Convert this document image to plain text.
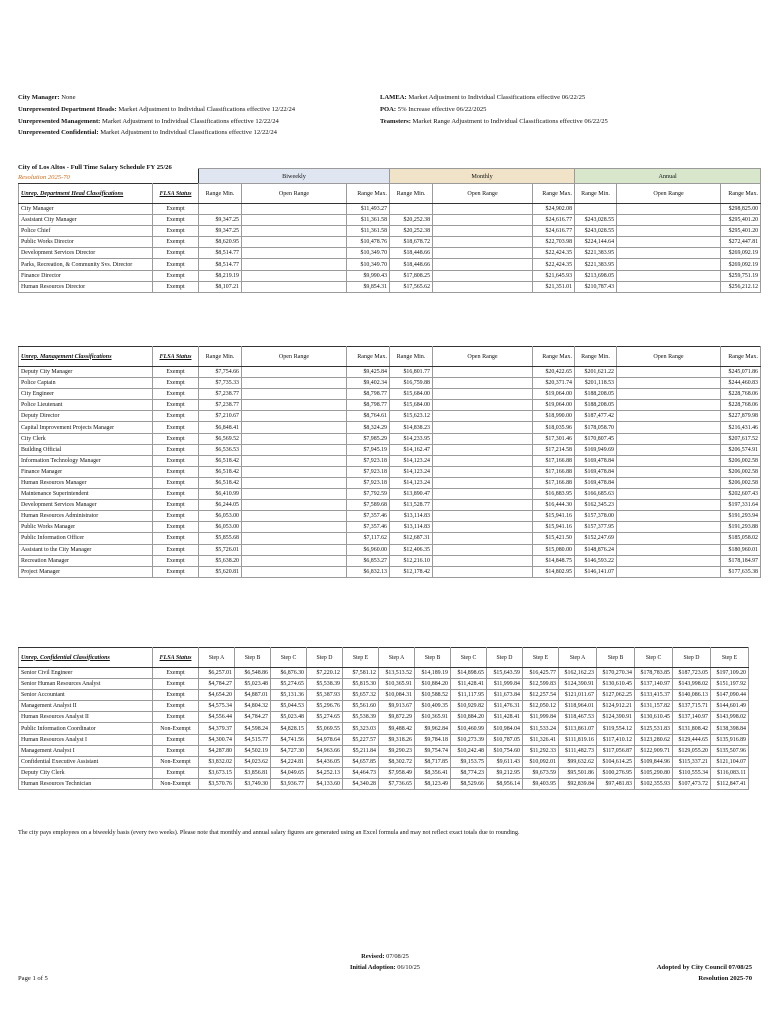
City Manager: None
Unrepresented Department Heads: Market Adjustment to Individual Classifications effective 12/22/24
Unrepresented Management: Market Adjustment to Individual Classifications effective 12/22/24
Unrepresented Confidential: Market Adjustment to Individual Classifications effective 12/22/24
LAMEA: Market Adjustment to Individual Classifications effective 06/22/25
POA: 5% Increase effective 06/22/2025
Teamsters: Market Range Adjustment to Individual Classifications effective 06/22/25
		Biweekly			Monthly			Annual		
Unrep. Department Head Classifications	FLSA Status	Range Min.	Open Range	Range Max.	Range Min.	Open Range	Range Max.	Range Min.	Open Range	Range Max.
City Manager	Exempt			$11,493.27			$24,902.08			$298,825.00
Assistant City Manager	Exempt	$9,347.25		$11,361.58	$20,252.38		$24,616.77	$243,028.55		$295,401.20
Police Chief	Exempt	$9,347.25		$11,361.58	$20,252.38		$24,616.77	$243,028.55		$295,401.20
Public Works Director	Exempt	$8,620.95		$10,478.76	$18,678.72		$22,703.98	$224,144.64		$272,447.81
Development Services Director	Exempt	$8,514.77		$10,349.70	$18,448.66		$22,424.35	$221,383.95		$269,092.19
Parks, Recreation, & Community Svs. Director	Exempt	$8,514.77		$10,349.70	$18,448.66		$22,424.35	$221,383.95		$269,092.19
Finance Director	Exempt	$8,219.19		$9,990.43	$17,808.25		$21,645.93	$213,698.05		$259,751.19
Human Resources Director	Exempt	$8,107.21		$9,854.31	$17,565.62		$21,351.01	$210,787.43		$256,212.12
City of Los Altos - Full Time Salary Schedule FY 25/26
Resolution 2025-70
Unrep. Management Classifications	FLSA Status	Range Min.	Open Range	Range Max.	Range Min.	Open Range	Range Max.	Range Min.	Open Range	Range Max.
Deputy City Manager	Exempt	$7,754.66		$9,425.84	$16,801.77		$20,422.65	$201,621.22		$245,071.86
Police Captain	Exempt	$7,735.33		$9,402.34	$16,759.88		$20,371.74	$201,118.53		$244,460.83
City Engineer	Exempt	$7,238.77		$8,798.77	$15,684.00		$19,064.00	$188,208.05		$228,768.06
Police Lieutenant	Exempt	$7,238.77		$8,798.77	$15,684.00		$19,064.00	$188,208.05		$228,768.06
Deputy Director	Exempt	$7,210.67		$8,764.61	$15,623.12		$18,990.00	$187,477.42		$227,879.98
Capital Improvement Projects Manager	Exempt	$6,848.41		$8,324.29	$14,838.23		$18,035.96	$178,058.70		$216,431.46
City Clerk	Exempt	$6,569.52		$7,985.29	$14,233.95		$17,301.46	$170,807.45		$207,617.52
Building Official	Exempt	$6,536.53		$7,945.19	$14,162.47		$17,214.58	$169,949.69		$206,574.91
Information Technology Manager	Exempt	$6,518.42		$7,923.18	$14,123.24		$17,166.88	$169,478.84		$206,002.58
Finance Manager	Exempt	$6,518.42		$7,923.18	$14,123.24		$17,166.88	$169,478.84		$206,002.58
Human Resources Manager	Exempt	$6,518.42		$7,923.18	$14,123.24		$17,166.88	$169,478.84		$206,002.58
Maintenance Superintendent	Exempt	$6,410.99		$7,792.59	$13,890.47		$16,883.95	$166,685.63		$202,607.43
Development Services Manager	Exempt	$6,244.05		$7,589.68	$13,528.77		$16,444.30	$162,345.23		$197,331.64
Human Resources Administrator	Exempt	$6,053.00		$7,357.46	$13,114.83		$15,941.16	$157,378.00		$191,293.94
Public Works Manager	Exempt	$6,053.00		$7,357.46	$13,114.83		$15,941.16	$157,377.95		$191,293.88
Public Information Officer	Exempt	$5,855.68		$7,117.62	$12,687.31		$15,421.50	$152,247.69		$185,058.02
Assistant to the City Manager	Exempt	$5,726.01		$6,960.00	$12,406.35		$15,080.00	$148,876.24		$180,960.01
Recreation Manager	Exempt	$5,638.20		$6,853.27	$12,216.10		$14,848.75	$146,593.22		$178,184.97
Project Manager	Exempt	$5,620.81		$6,832.13	$12,178.42		$14,802.95	$146,141.07		$177,635.38
Unrep. Confidential Classifications	FLSA Status	Step A	Step B	Step C	Step D	Step E	Step A	Step B	Step C	Step D	Step E	Step A	Step B	Step C	Step D	Step E
Senior Civil Engineer	Exempt	$6,257.01	$6,548.86	$6,876.30	$7,220.12	$7,581.12	$13,513.52	$14,189.19	$14,898.65	$15,643.59	$16,425.77	$162,162.23	$170,270.34	$178,783.85	$187,723.05	$197,109.20
Senior Human Resources Analyst	Exempt	$4,784.27	$5,023.48	$5,274.65	$5,538.39	$5,815.30	$10,365.91	$10,884.20	$11,428.41	$11,999.84	$12,599.83	$124,390.91	$130,610.45	$137,140.97	$143,998.02	$151,197.92
Senior Accountant	Exempt	$4,654.20	$4,887.01	$5,131.36	$5,387.93	$5,657.32	$10,084.31	$10,588.52	$11,117.95	$11,673.84	$12,257.54	$121,011.67	$127,062.25	$133,415.37	$140,086.13	$147,090.44
Management Analyst II	Exempt	$4,575.34	$4,804.32	$5,044.53	$5,296.76	$5,561.60	$9,913.67	$10,409.35	$10,929.82	$11,476.31	$12,050.12	$118,964.01	$124,912.21	$131,157.82	$137,715.71	$144,601.49
Human Resources Analyst II	Exempt	$4,556.44	$4,784.27	$5,023.48	$5,274.65	$5,538.39	$9,872.29	$10,365.91	$10,884.20	$11,428.41	$11,999.84	$118,467.53	$124,390.91	$130,610.45	$137,140.97	$143,998.02
Public Information Coordinator	Non-Exempt	$4,379.37	$4,598.24	$4,828.15	$5,069.55	$5,323.03	$9,488.42	$9,962.84	$10,460.99	$10,984.04	$11,533.24	$113,861.07	$119,554.12	$125,531.83	$131,808.42	$138,398.84
Human Resources Analyst I	Exempt	$4,300.74	$4,515.77	$4,741.56	$4,978.64	$5,227.57	$9,318.26	$9,784.18	$10,273.39	$10,787.05	$11,326.41	$111,819.16	$117,410.12	$123,280.62	$129,444.65	$135,916.89
Management Analyst I	Exempt	$4,287.80	$4,502.19	$4,727.30	$4,963.66	$5,211.84	$9,290.23	$9,754.74	$10,242.48	$10,754.60	$11,292.33	$111,482.73	$117,056.87	$122,909.71	$129,055.20	$135,507.96
Confidential Executive Assistant	Non-Exempt	$3,832.02	$4,023.62	$4,224.81	$4,436.05	$4,657.85	$8,302.72	$8,717.85	$9,153.75	$9,611.43	$10,092.01	$99,632.62	$104,614.25	$109,844.96	$115,337.21	$121,104.07
Deputy City Clerk	Exempt	$3,673.15	$3,856.81	$4,049.65	$4,252.13	$4,464.73	$7,958.49	$8,356.41	$8,774.23	$9,212.95	$9,673.59	$95,501.86	$100,276.95	$105,290.80	$110,555.34	$116,083.11
Human Resources Technician	Non-Exempt	$3,570.76	$3,749.30	$3,936.77	$4,133.60	$4,340.28	$7,736.65	$8,123.49	$8,529.66	$8,956.14	$9,403.95	$92,839.84	$97,481.83	$102,355.93	$107,473.72	$112,847.41
The city pays employees on a biweekly basis (every two weeks). Please note that monthly and annual salary figures are generated using an Excel formula and may not reflect exact totals due to rounding.
Revised: 07/08/25
Initial Adoption: 06/10/25
Page 1 of 5
Adopted by City Council 07/08/25
Resolution 2025-70
